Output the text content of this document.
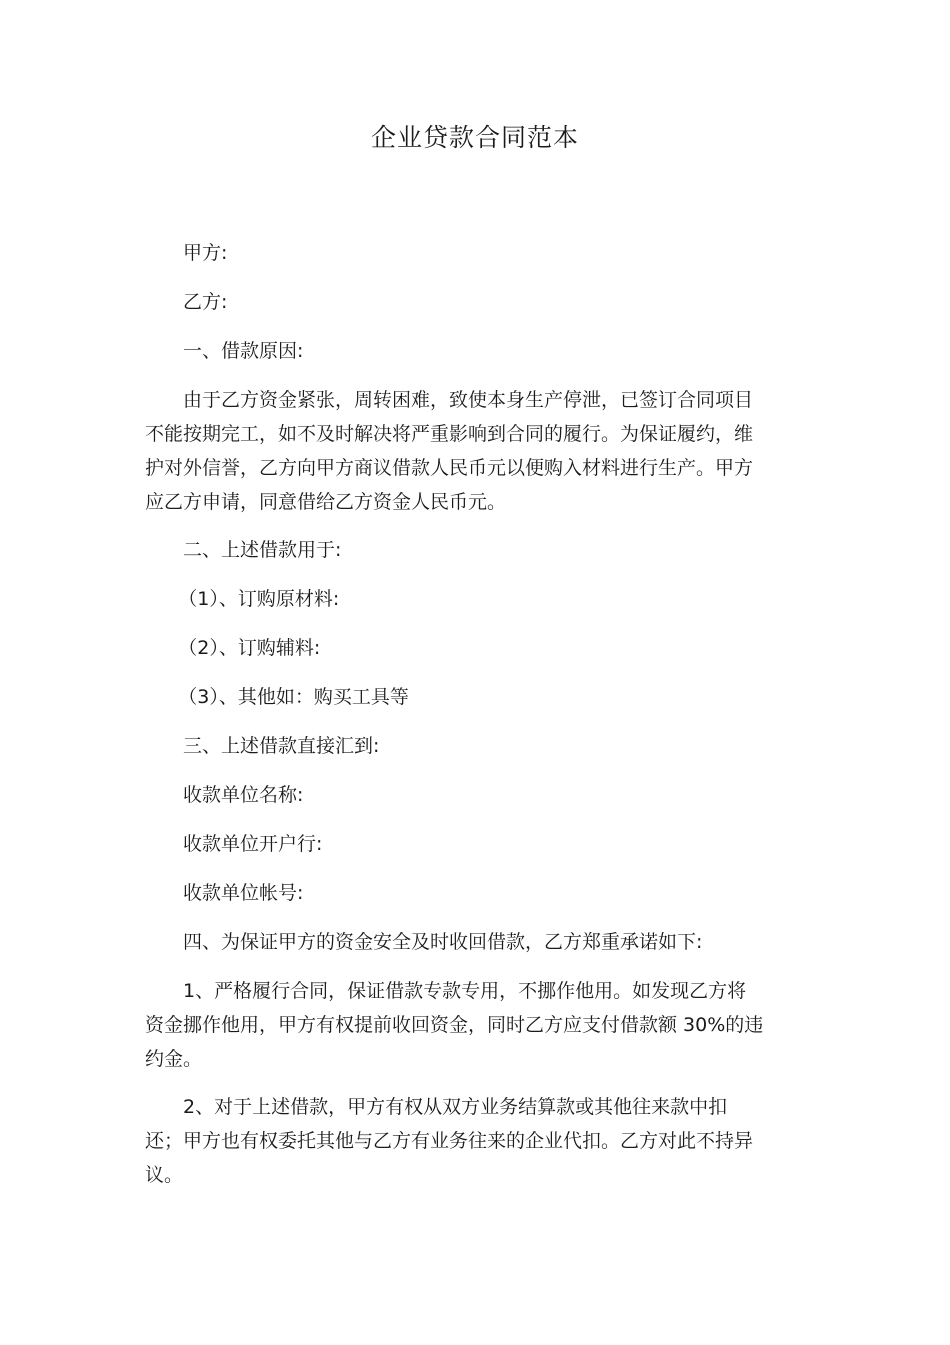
企业贷款合同范本

甲方:

乙方:

一、借款原因:

由于乙方资金紧张，周转困难，致使本身生产停泄，已签订合同项目不能按期完工，如不及时解决将严重影响到合同的履行。为保证履约，维护对外信誉，乙方向甲方商议借款人民币元以便购入材料进行生产。甲方应乙方申请，同意借给乙方资金人民币元。

二、上述借款用于:

（1）、订购原材料:

（2）、订购辅料:

（3）、其他如：购买工具等

三、上述借款直接汇到:

收款单位名称:

收款单位开户行:

收款单位帐号:

四、为保证甲方的资金安全及时收回借款，乙方郑重承诺如下:

1、严格履行合同，保证借款专款专用，不挪作他用。如发现乙方将资金挪作他用，甲方有权提前收回资金，同时乙方应支付借款额 30%的违约金。

2、对于上述借款，甲方有权从双方业务结算款或其他往来款中扣还；甲方也有权委托其他与乙方有业务往来的企业代扣。乙方对此不持异议。
